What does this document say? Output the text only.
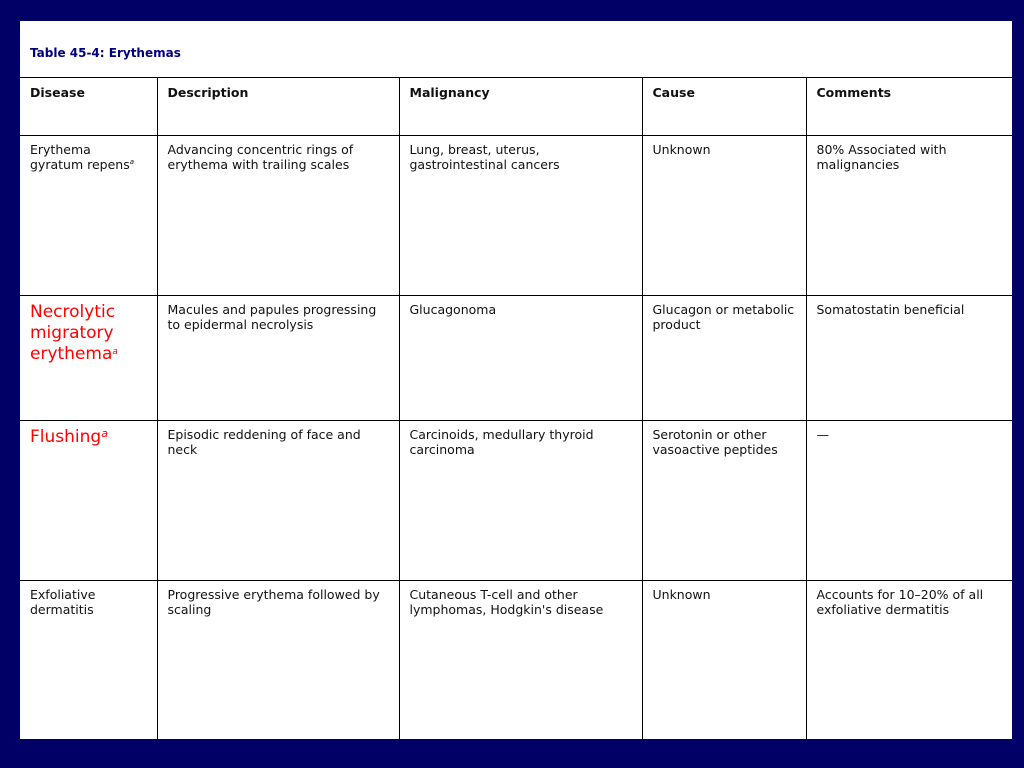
Table 45-4: Erythemas
Disease	Description	Malignancy	Cause	Comments
Erythema gyratum repens$^a$	Advancing concentric rings of erythema with trailing scales	Lung, breast, uterus, gastrointestinal cancers	Unknown	80% Associated with malignancies
Necrolytic migratory erythema$^a$	Macules and papules progressing to epidermal necrolysis	Glucagonoma	Glucagon or metabolic product	Somatostatin beneficial
Flushing$^a$	Episodic reddening of face and neck	Carcinoids, medullary thyroid carcinoma	Serotonin or other vasoactive peptides	—
Exfoliative dermatitis	Progressive erythema followed by scaling	Cutaneous T-cell and other lymphomas, Hodgkin's disease	Unknown	Accounts for 10–20% of all exfoliative dermatitis
